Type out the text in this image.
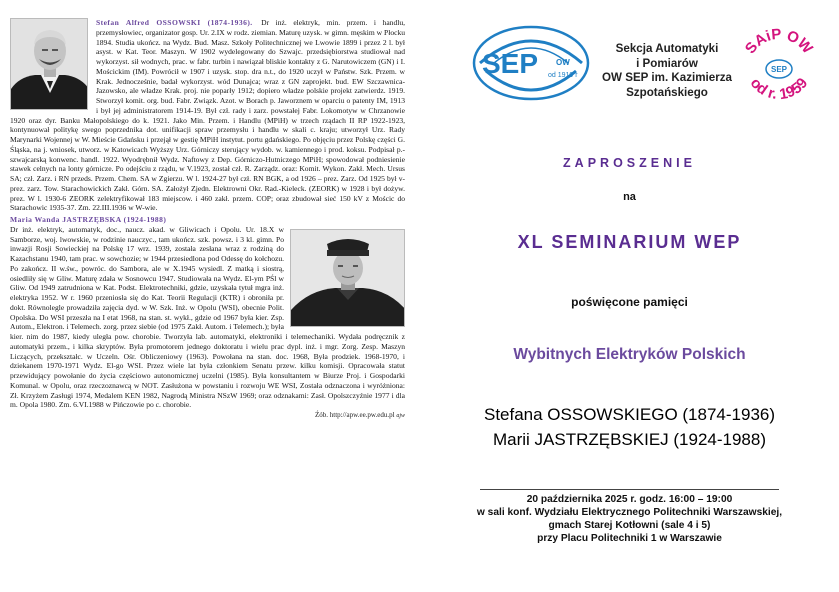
Stefan Alfred OSSOWSKI (1874-1936). Dr inż. elektryk, min. przem. i handlu, przemysłowiec, organizator gosp. Ur. 2.IX w rodz. ziemian. Maturę uzysk. w gimn. męskim w Płocku 1894. Studia ukończ. na Wydz. Bud. Masz. Szkoły Politechnicznej we Lwowie 1899 i przez 2 l. był asyst. w Kat. Teor. Maszyn. W 1902 wydelegowany do Szwajc. przedsiębiorstwa studiował nad wykorzyst. sił wodnych, prac. w fabr. turbin i nawiązał bliskie kontakty z G. Narutowiczem (GN) i I. Mościckim (IM). Powrócił w 1907 i uzysk. stop. dra n.t., do 1920 uczył w Państw. Szk. Przem. w Krak. Jednocześnie, badał wykorzyst. wód Dunajca; wraz z GN zaprojekt. bud. EW Szczawnica-Jazowsko, ale władze Krak. proj. nie poparły 1912; dopiero władze polskie projekt zatwierdz. 1919. Stworzył komit. org. bud. Fabr. Związk. Azot. w Borach p. Jaworznem w oparciu o patenty IM, 1913 i był jej administratorem 1914-19. Był czł. rady i zarz. powstałej Fabr. Lokomotyw w Chrzanowie 1920 oraz dyr. Banku Małopolskiego do k. 1921. Jako Min. Przem. i Handlu (MPiH) w trzech rządach II RP 1922-1923, kontynuował politykę swego poprzednika dot. unifikacji spraw przemysłu i handlu w skali c. kraju; utworzył Urz. Rady Marynarki Wojennej w W. Mieście Gdańsku i przejął w gestię MPiH instytut. portu gdańskiego. Po objęciu przez Polskę części G. Śląska, na j. wniosek, utworz. w Katowicach Wyższy Urz. Górniczy sterujący wydob. w. kamiennego i prod. koksu. Podpisał p.-szwajcarską konwenc. handl. 1922. Wyodrębnił Wydz. Naftowy z Dep. Górniczo-Hutniczego MPiH; spowodował podniesienie stawek celnych na lonty górnicze. Po odejściu z rządu, w V.1923, został czł. R. Zarządz. oraz: Komit. Wykon. Zakł. Mech. Ursus SA; czł. Zarz. i RN przeds. Przem. Chem. SA w Zgierzu. W l. 1924-27 był czł. RN BGK, a od 1926 – prez. Zarz. Od 1925 był v-prez. zarz. Tow. Starachowickich Zakł. Górn. SA. Założył Zjedn. Elektrowni Okr. Rad.-Kieleck. (ZEORK) w 1928 i był dożyw. prez. W l. 1930-6 ZEORK zelektryfikował 183 miejscow. i 460 zakł. przem. COP; oraz zbudował sieć 150 kV z Mościc do Starachowic 1935-37. Zm. 22.III.1936 w W-wie.
Maria Wanda JASTRZĘBSKA (1924-1988)
Dr inż. elektryk, automatyk, doc., naucz. akad. w Gliwicach i Opolu. Ur. 18.X w Samborze, woj. lwowskie, w rodzinie nauczyc., tam ukończ. szk. powsz. i 3 kl. gimn. Po inwazji Rosji Sowieckiej na Polskę 17 wrz. 1939, została zesłana wraz z rodziną do Kazachstanu 1940, tam prac. w sowchozie; w 1944 przesiedlona pod Odessę do kołchozu. Po zakończ. II w.św., powróc. do Sambora, ale w X.1945 wysiedl. Z matką i siostrą, osiedliły się w Gliw. Maturę zdała w Sosnowcu 1947. Studiowała na Wydz. El-ym PŚl w Gliw. Od 1949 zatrudniona w Kat. Podst. Elektrotechniki, gdzie, uzyskała tytuł mgra inż. elektryka 1952. W r. 1960 przeniosła się do Kat. Teorii Regulacji (KTR) i obroniła pr. dokt. Równolegle prowadziła zajęcia dyd. w W. Szk. Inż. w Opolu (WSI), obecnie Polit. Opolska. Do WSI przeszła na I etat 1968, na stan. st. wykł., gdzie od 1967 była kier. Zsp. Autom., Elektron. i Telemech. zorg. przez siebie (od 1975 Zakł. Autom. i Telemech.); była kier. nim do 1987, kiedy uległa pow. chorobie. Tworzyła lab. automatyki, elektroniki i telemechaniki. Wydała podręcznik z automatyki przem., i kilka skryptów. Była promotorem jednego doktoratu i wielu prac dypl. inż. i mgr. Zorg. Zesp. Maszyn Liczących, przekształc. w Uczeln. Ośr. Obliczeniowy (1963). Powołana na stan. doc. 1968, Była prodziek. 1968-1970, i dziekanem 1970-1971 Wydz. El-go WSI. Przez wiele lat była członkiem Senatu przew. kilku komisji. Opracowała statut przewidujący powołanie do życia częściowo autonomicznej uczelni (1985). Była konsultantem w Biurze Proj. i Gospodarki Komunal. w Opolu, oraz rzeczoznawcą w NOT. Zasłużona w powstaniu i rozwoju WE WSI, Została odznaczona i wyróżniona: Zł. Krzyżem Zasługi 1974, Medalem KEN 1982, Nagrodą Ministra NSzW 1969; oraz odznakami: Zasł. Opolszczyźnie 1977 i dla m. Opola 1980. Zm. 6.VI.1988 w Pińczowie po c. chorobie.
Źób. http://apw.ee.pw.edu.pl ajw
SEP OW
od 1919 r
Sekcja Automatyki
i Pomiarów
OW SEP im. Kazimierza
Szpotańskiego
SAiP OW
od r. 1959
SEP
ZAPROSZENIE
na
XL SEMINARIUM WEP
poświęcone pamięci
Wybitnych Elektryków Polskich
Stefana OSSOWSKIEGO (1874-1936)
Marii JASTRZĘBSKIEJ (1924-1988)
20 października 2025 r. godz. 16:00 – 19:00
w sali konf. Wydziału Elektrycznego Politechniki Warszawskiej,
gmach Starej Kotłowni (sale 4 i 5)
przy Placu Politechniki 1 w Warszawie
